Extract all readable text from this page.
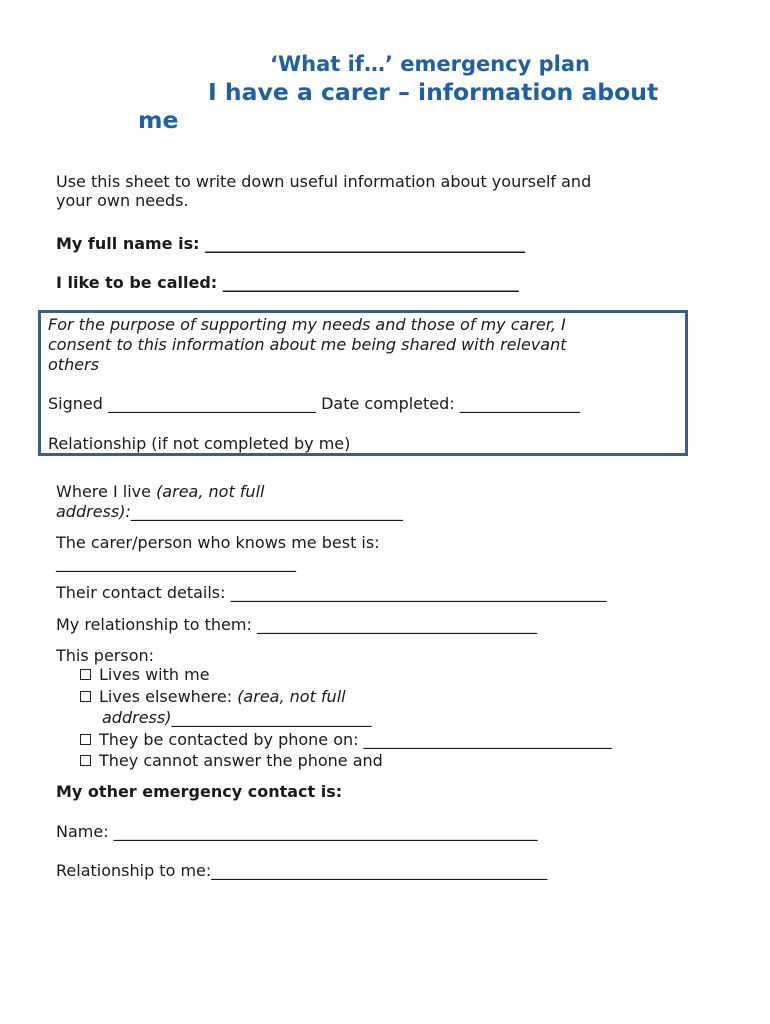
‘What if…’ emergency plan
I have a carer – information about
me
Use this sheet to write down useful information about yourself and
your own needs.
My full name is: ________________________________________
I like to be called: _____________________________________
For the purpose of supporting my needs and those of my carer, I
consent to this information about me being shared with relevant
others
Signed __________________________ Date completed: _______________
Relationship (if not completed by me)
Where I live (area, not full
address):__________________________________
The carer/person who knows me best is:
______________________________
Their contact details: _______________________________________________
My relationship to them: ___________________________________
This person:
Lives with me
Lives elsewhere: (area, not full
address)_________________________
They be contacted by phone on: _______________________________
They cannot answer the phone and
My other emergency contact is:
Name: _____________________________________________________
Relationship to me:__________________________________________
